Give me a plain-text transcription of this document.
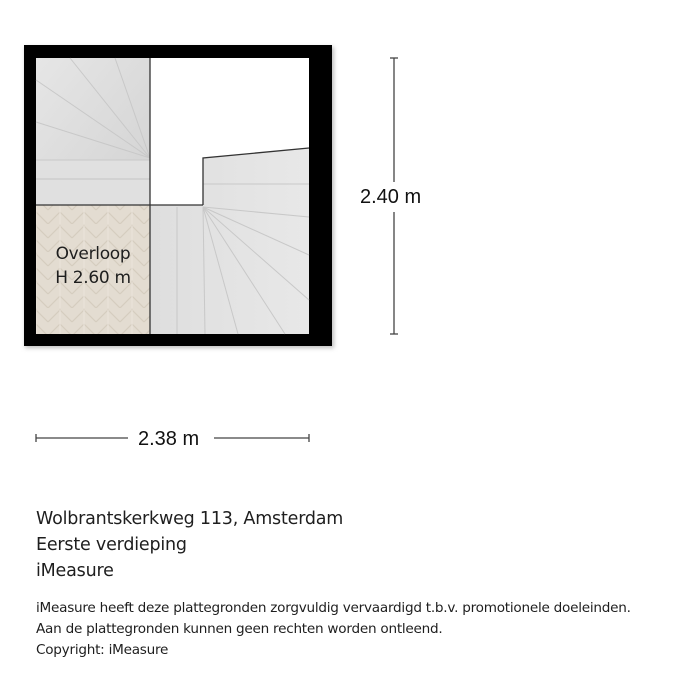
2.40 m
Overloop
H 2.60 m
2.38 m
Wolbrantskerkweg 113, Amsterdam
Eerste verdieping
iMeasure
iMeasure heeft deze plattegronden zorgvuldig vervaardigd t.b.v. promotionele doeleinden.
Aan de plattegronden kunnen geen rechten worden ontleend.
Copyright: iMeasure
